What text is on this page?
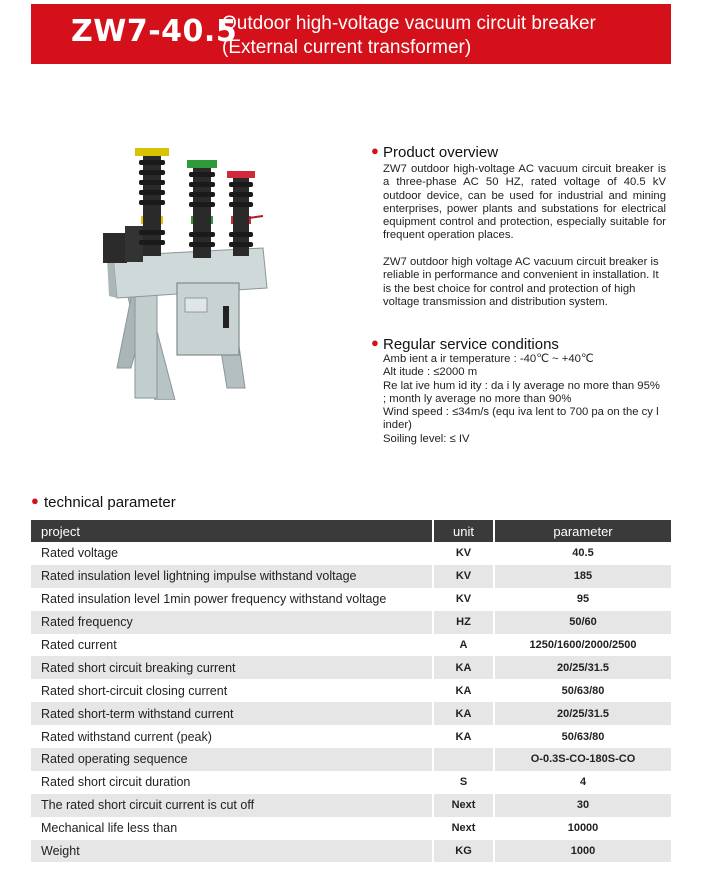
ZW7-40.5
Outdoor high-voltage vacuum circuit breaker
(External current transformer)
● Product overview
ZW7 outdoor high-voltage AC vacuum circuit breaker is a three-phase AC 50 HZ, rated voltage of 40.5 kV outdoor device, can be used for industrial and mining enterprises, power plants and substations for electrical equipment control and protection, especially suitable for frequent operation places.
ZW7 outdoor high voltage AC vacuum circuit breaker is reliable in performance and convenient in installation. It is the best choice for control and protection of high voltage transmission and distribution system.
● Regular service conditions
Amb ient a ir temperature : -40℃ ~ +40℃
Alt itude : ≤2000 m
Re lat ive hum id ity : da i ly average no more than 95% ; month ly average no more than 90%
Wind speed : ≤34m/s (equ iva lent to 700 pa on the cy l inder)
Soiling level: ≤ IV
● technical parameter
project	unit	parameter
Rated voltage	KV	40.5
Rated insulation level lightning impulse withstand voltage	KV	185
Rated insulation level 1min power frequency withstand voltage	KV	95
Rated frequency	HZ	50/60
Rated current	A	1250/1600/2000/2500
Rated short circuit breaking current	KA	20/25/31.5
Rated short-circuit closing current	KA	50/63/80
Rated short-term withstand current	KA	20/25/31.5
Rated withstand current (peak)	KA	50/63/80
Rated operating sequence		O-0.3S-CO-180S-CO
Rated short circuit duration	S	4
The rated short circuit current is cut off	Next	30
Mechanical life less than	Next	10000
Weight	KG	1000
